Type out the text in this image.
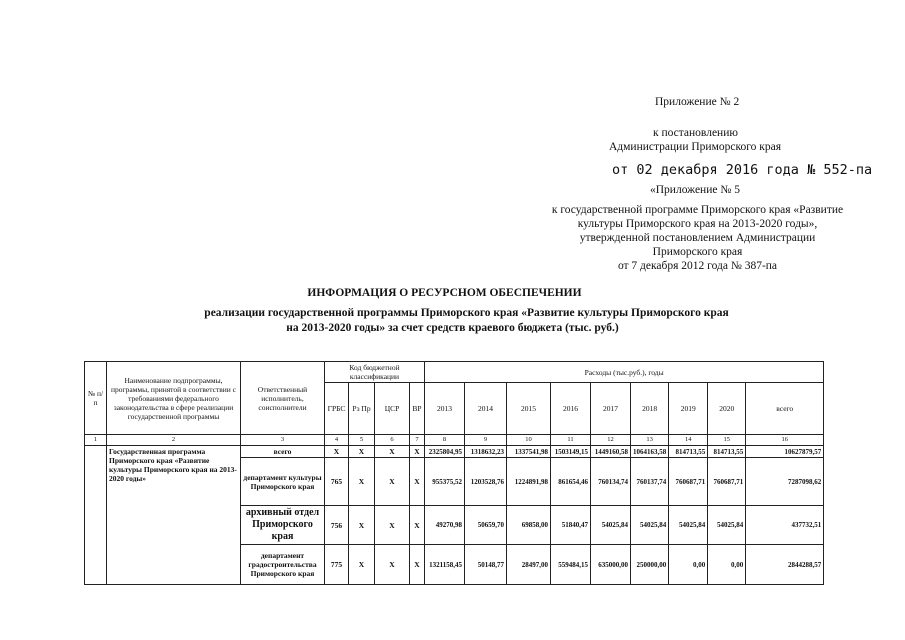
Приложение № 2
к постановлению
Администрации Приморского края
от 02 декабря 2016 года № 552-па
«Приложение № 5
к государственной программе Приморского края «Развитие
культуры Приморского края на 2013-2020 годы»,
утвержденной постановлением Администрации
Приморского края
от 7 декабря 2012 года № 387-па
ИНФОРМАЦИЯ О РЕСУРСНОМ ОБЕСПЕЧЕНИИ
реализации государственной программы Приморского края «Развитие культуры Приморского края
на 2013-2020 годы» за счет средств краевого бюджета (тыс. руб.)
№ п/п	Наименование подпрограммы, программы, принятой в соответствии с требованиями федерального законодательства в сфере реализации государственной программы	Ответственный исполнитель, соисполнители	Код бюджетной классификации				Расходы (тыс.руб.), годы								
			ГРБС	Рз Пр	ЦСР	ВР	2013	2014	2015	2016	2017	2018	2019	2020	всего
1	2	3	4	5	6	7	8	9	10	11	12	13	14	15	16
	Государственная программа Приморского края «Развитие культуры Приморского края на 2013-2020 годы»	всего	X	X	X	X	2325804,95	1318632,23	1337541,98	1503149,15	1449160,58	1064163,58	814713,55	814713,55	10627879,57
		департамент культуры Приморского края	765	X	X	X	955375,52	1203528,76	1224891,98	861654,46	760134,74	760137,74	760687,71	760687,71	7287098,62
		архивный отдел Приморского края	756	X	X	X	49270,98	50659,70	69858,00	51840,47	54025,84	54025,84	54025,84	54025,84	437732,51
		департамент градостроительства Приморского края	775	X	X	X	1321158,45	50148,77	28497,00	559484,15	635000,00	250000,00	0,00	0,00	2844288,57
